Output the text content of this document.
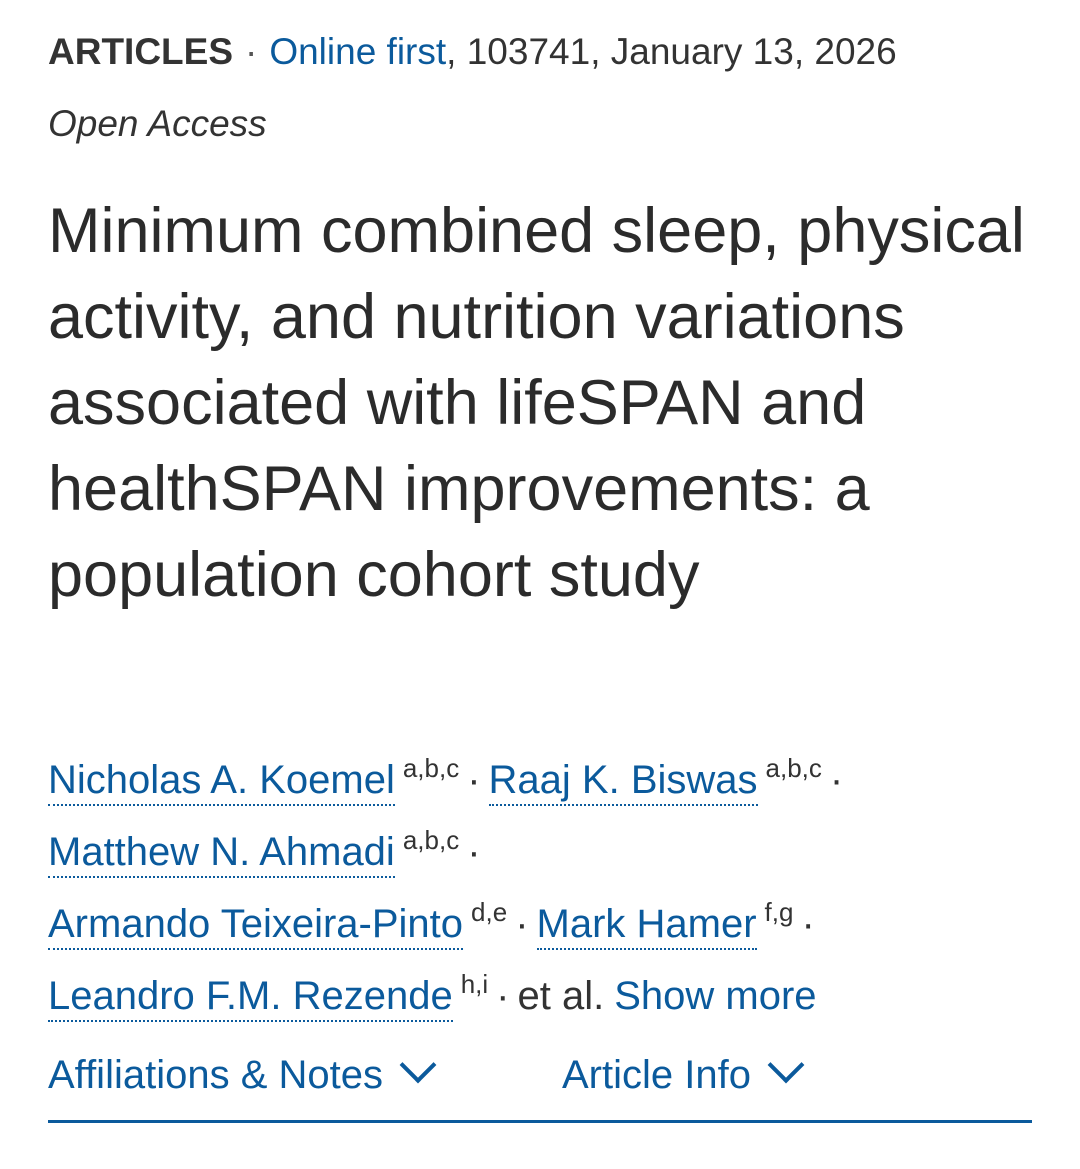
ARTICLES · Online first, 103741, January 13, 2026
Open Access
Minimum combined sleep, physical activity, and nutrition variations associated with lifeSPAN and healthSPAN improvements: a population cohort study
Nicholas A. Koemel $^{a,b,c}$ · Raaj K. Biswas $^{a,b,c}$ ·
Matthew N. Ahmadi $^{a,b,c}$ ·
Armando Teixeira-Pinto $^{d,e}$ · Mark Hamer $^{f,g}$ ·
Leandro F.M. Rezende $^{h,i}$ · et al. Show more
Affiliations & Notes	Article Info
